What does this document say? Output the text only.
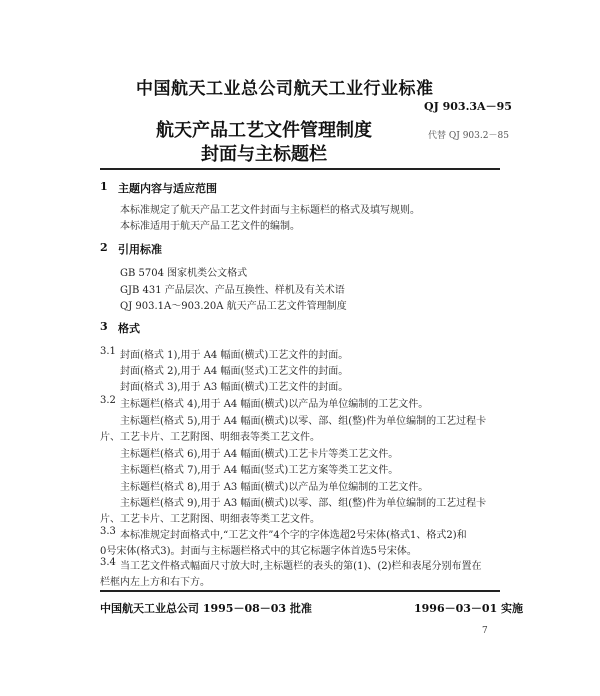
中国航天工业总公司航天工业行业标准
QJ 903.3A－95
航天产品工艺文件管理制度
封面与主标题栏
代替 QJ 903.2－85
1 主题内容与适应范围
本标准规定了航天产品工艺文件封面与主标题栏的格式及填写规则。
本标准适用于航天产品工艺文件的编制。
2 引用标准
GB 5704 图家机类公文格式
GJB 431 产品层次、产品互换性、样机及有关术语
QJ 903.1A～903.20A 航天产品工艺文件管理制度
3 格式
3.1 封面(格式 1),用于 A4 幅面(横式)工艺文件的封面。
封面(格式 2),用于 A4 幅面(竖式)工艺文件的封面。
封面(格式 3),用于 A3 幅面(横式)工艺文件的封面。
3.2 主标题栏(格式 4),用于 A4 幅面(横式)以产品为单位编制的工艺文件。
主标题栏(格式 5),用于 A4 幅面(横式)以零、部、组(整)件为单位编制的工艺过程卡
片、工艺卡片、工艺附图、明细表等类工艺文件。
主标题栏(格式 6),用于 A4 幅面(横式)工艺卡片等类工艺文件。
主标题栏(格式 7),用于 A4 幅面(竖式)工艺方案等类工艺文件。
主标题栏(格式 8),用于 A3 幅面(横式)以产品为单位编制的工艺文件。
主标题栏(格式 9),用于 A3 幅面(横式)以零、部、组(整)件为单位编制的工艺过程卡
片、工艺卡片、工艺附图、明细表等类工艺文件。
3.3 本标准规定封面格式中,“工艺文件”4个字的字体选超2号宋体(格式1、格式2)和
0号宋体(格式3)。封面与主标题栏格式中的其它标题字体首选5号宋体。
3.4 当工艺文件格式幅面尺寸放大时,主标题栏的表头的第(1)、(2)栏和表尾分别布置在
栏框内左上方和右下方。
中国航天工业总公司 1995－08－03 批准	1996－03－01 实施
7
